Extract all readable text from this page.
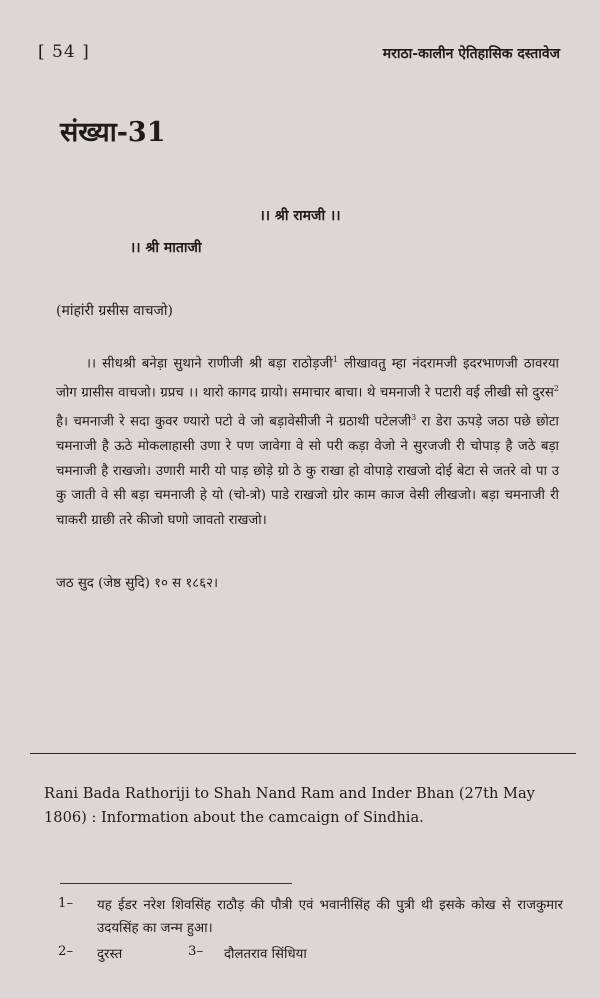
[ 54 ]	मराठा-कालीन ऐतिहासिक दस्तावेज
संख्या-31
।। श्री रामजी ।।
।। श्री माताजी
(मांहांरी ग्रसीस वाचजो)

।। सीधश्री बनेड़ा सुथाने राणीजी श्री बड़ा राठोड़जी$^1$ लीखावतु म्हा नंदरामजी इदरभाणजी ठावरया जोग ग्रासीस वाचजो। ग्रप्रच ।। थारो कागद ग्रायो। समाचार बाचा। थे चमनाजी रे पटारी वई लीखी सो दुरस$^2$ है। चमनाजी रे सदा कुवर ण्यारो पटो वे जो बड़ावेसीजी ने ग्रठाथी पटेलजी$^3$ रा डेरा ऊपड़े जठा पछे छोटा चमनाजी है ऊठे मोकलाहासी उणा रे पण जावेगा वे सो परी कड़ा वेजो ने सुरजजी री चोपाड़ है जठे बड़ा चमनाजी है राखजो। उणारी मारी यो पाड़ छोड़े ग्रो ठे कु राखा हो वोपाड़े राखजो दोई बेटा से जतरे वो पा उ कु जाती वे सी बड़ा चमनाजी हे यो (चो-त्रो) पाडे राखजो ग्रोर काम काज वेसी लीखजो। बड़ा चमनाजी री चाकरी ग्राछी तरे कीजो घणो जावतो राखजो।

जठ सुद (जेष्ठ सुदि) १० स १८६२।
Rani Bada Rathoriji to Shah Nand Ram and Inder Bhan (27th May 1806) : Information about the camcaign of Sindhia.
1– यह ईडर नरेश शिवसिंह राठौड़ की पौत्री एवं भवानीसिंह की पुत्री थी इसके कोख से राजकुमार उदयसिंह का जन्म हुआ।
2– दुरस्त	3– दौलतराव सिंधिया
